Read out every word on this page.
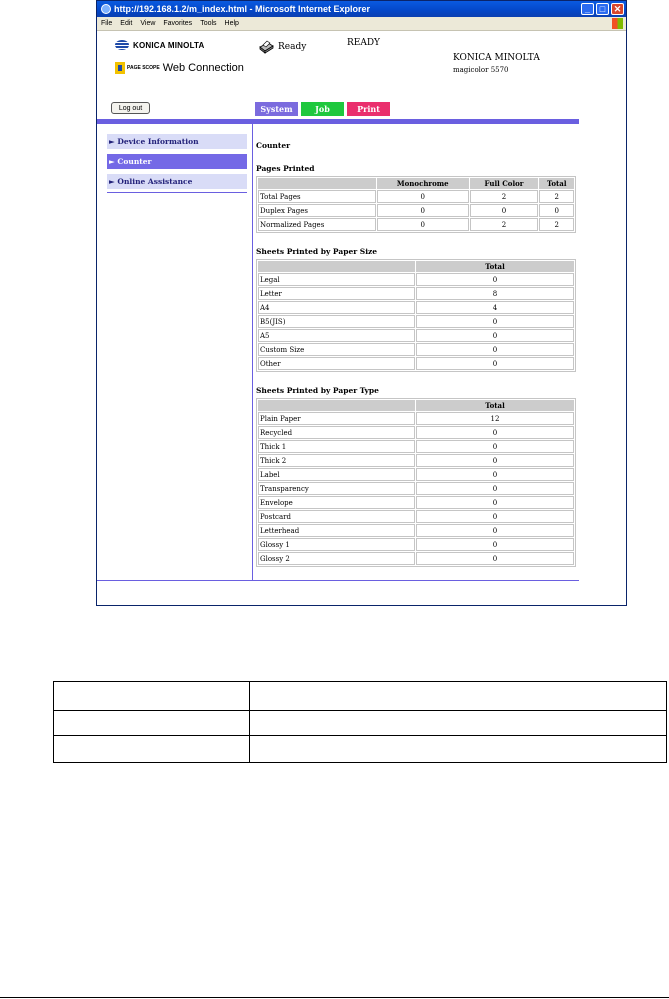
http://192.168.1.2/m_index.html - Microsoft Internet Explorer	_	□ ✕
File Edit View Favorites Tools Help
KONICA MINOLTA
PAGE SCOPE Web Connection
Ready	READY
KONICA MINOLTA
magicolor 5570
Log out	System	Job	Print
► Device Information
► Counter
► Online Assistance
Counter
Pages Printed
	Monochrome	Full Color	Total
Total Pages	0	2	2
Duplex Pages	0	0	0
Normalized Pages	0	2	2
Sheets Printed by Paper Size
	Total
Legal	0
Letter	8
A4	4
B5(JIS)	0
A5	0
Custom Size	0
Other	0
Sheets Printed by Paper Type
	Total
Plain Paper	12
Recycled	0
Thick 1	0
Thick 2	0
Label	0
Transparency	0
Envelope	0
Postcard	0
Letterhead	0
Glossy 1	0
Glossy 2	0
